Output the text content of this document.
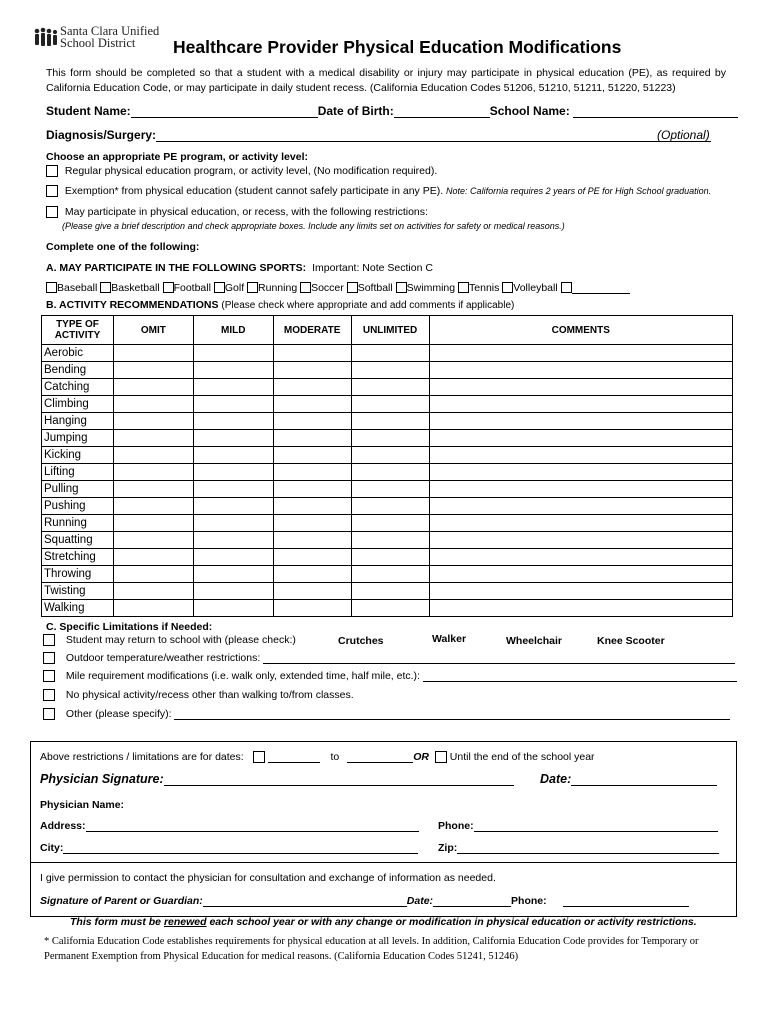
Santa Clara Unified
School District	Healthcare Provider Physical Education Modifications
This form should be completed so that a student with a medical disability or injury may participate in physical education (PE), as required by California Education Code, or may participate in daily student recess. (California Education Codes 51206, 51210, 51211, 51220, 51223)
Student Name:	Date of Birth:	School Name:
Diagnosis/Surgery:	(Optional)
Choose an appropriate PE program, or activity level:
Regular physical education program, or activity level, (No modification required).
Exemption* from physical education (student cannot safely participate in any PE). Note: California requires 2 years of PE for High School graduation.
May participate in physical education, or recess, with the following restrictions:
(Please give a brief description and check appropriate boxes. Include any limits set on activities for safety or medical reasons.)
Complete one of the following:
A. MAY PARTICIPATE IN THE FOLLOWING SPORTS: Important: Note Section C
Baseball Basketball Football Golf Running Soccer Softball Swimming Tennis Volleyball
B. ACTIVITY RECOMMENDATIONS (Please check where appropriate and add comments if applicable)
TYPE OF ACTIVITY	OMIT	MILD	MODERATE	UNLIMITED	COMMENTS
Aerobic					
Bending					
Catching					
Climbing					
Hanging					
Jumping					
Kicking					
Lifting					
Pulling					
Pushing					
Running					
Squatting					
Stretching					
Throwing					
Twisting					
Walking					
C. Specific Limitations if Needed:
Student may return to school with (please check:)	Crutches	Walker	Wheelchair	Knee Scooter
Outdoor temperature/weather restrictions:
Mile requirement modifications (i.e. walk only, extended time, half mile, etc.):
No physical activity/recess other than walking to/from classes.
Other (please specify):
Above restrictions / limitations are for dates:	to	OR Until the end of the school year
Physician Signature:	Date:
Physician Name:
Address:	Phone:
City:	Zip:
I give permission to contact the physician for consultation and exchange of information as needed.
Signature of Parent or Guardian:	Date:	Phone:
This form must be renewed each school year or with any change or modification in physical education or activity restrictions.
* California Education Code establishes requirements for physical education at all levels. In addition, California Education Code provides for Temporary or Permanent Exemption from Physical Education for medical reasons. (California Education Codes 51241, 51246)
